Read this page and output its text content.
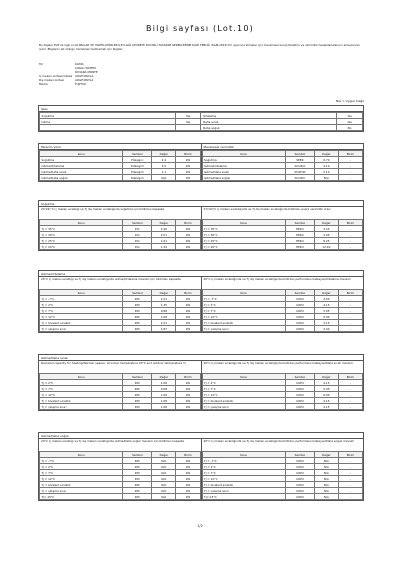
Bilgi sayfası (Lot.10)
Bu bilgiler EVP ile ilgili en KLİMALAR VE VANTİLATÖRLER İLE İLGİLİ ÇEVREYE DUYARLI TASARIM GEREKLERİNE DAİR TEBLİĞ (SGM-2012/13) uyarınca klimalar için mevsimsel enerji tüketimi ve verimlilik hesaplamalarının amaçlarının içerir. Bilgilerin ait olduğu model/seri belirlemek için bilgiler:
Tür	KLİMA
ÇOKLU SİSTEM
DUVARA MONTE
İç mekan ünitesi/ünitesi AOGH18LTLA
Dış mekan ünitesi	AOGH18LTLA
Marka	FUJITSU
N/A = Uygun Değil
İşlev
Soğutma	Yes	Ortalama	Yes
Isıtma	Yes	Daha sıcak	Yes
		Daha soğuk	No
Tasarım yükü
Konu	Sembol	Değer	Birim
Soğutma	Pdesignc	2.4	kW
Isıtma/Ortalama	Pdesignh	2.5	kW
Isıtma/Daha sıcak	Pdesignh	1.1	kW
Isıtma/Daha soğuk	Pdesignh	N/A	kW
Mevsimsel verimlilik
Konu	Sembol	Değer	Birim
Soğutma	SEER	6.70	–
Isıtma/Ortalama	SCOP/A	4.10	–
Isıtma/Daha sıcak	SCOP/W	5.10	–
Isıtma/Daha soğuk	SCOP/C	N/A	–
Soğutma
27(19)°C iç mekan sıcaklığı ve Tj dış mekan sıcaklığında soğutma için bildirilen kapasite
Konu	Sembol	Değer	Birim
Tj = 35°C	Pdc	2.40	kW
Tj = 30°C	Pdc	2.51	kW
Tj = 25°C	Pdc	1.61	kW
Tj = 20°C	Pdc	1.34	kW
27(19)°C iç mekan sıcaklığında ve Tj dış mekan sıcaklığında bildirilen enerji verimlilik oranı
Konu	Sembol	Değer	Birim
Tj = 35°C	EERd	3.24	–
Tj = 30°C	EERd	4.95	–
Tj = 25°C	EERd	8.25	–
Tj = 20°C	EERd	12.40	–
Isıtma/Ortalama
20°C iç mekan sıcaklığı ve Tj dış mekan sıcaklığında ısıtma/Ortalama mevsim için bildirilen kapasite
Konu	Sembol	Değer	Birim
Tj = -7°C	Pdh	2.21	kW
Tj = 2°C	Pdh	1.35	kW
Tj = 7°C	Pdh	0.88	kW
Tj = 12°C	Pdh	1.08	kW
Tj = bivalent sıcaklık	Pdh	2.21	kW
Tj = çalışma sınırı	Pdh	1.87	kW
20°C iç mekan sıcaklığında ve Tj dış mekan sıcaklığında bildirilen performans katsayısı/Ortalama mevsim
Konu	Sembol	Değer	Birim
Tj = -7°C	COPd	2.50	–
Tj = 2°C	COPd	4.15	–
Tj = 7°C	COPd	5.05	–
Tj = 12°C	COPd	6.90	–
Tj = bivalent sıcaklık	COPd	2.15	–
Tj = çalışma sınırı	COPd	2.40	–
Isıtma/Daha sıcak
Declared capacity for heating/Warmer season, at indoor temperature 20°C and outdoor temperature Tj
Konu	Sembol	Değer	Birim
Tj = 2°C	Pdh	1.08	kW
Tj = 7°C	Pdh	0.08	kW
Tj = 12°C	Pdh	1.08	kW
Tj = bivalent sıcaklık	Pdh	1.08	kW
Tj = çalışma sınırı	Pdh	1.08	kW
20°C iç mekan sıcaklığında ve Tj dış mekan sıcaklığında bildirilen performans katsayısı/Daha sıcak mevsim
Konu	Sembol	Değer	Birim
Tj = 2°C	COPd	4.15	–
Tj = 7°C	COPd	5.05	–
Tj = 12°C	COPd	6.90	–
Tj = bivalent sıcaklık	COPd	4.15	–
Tj = çalışma sınırı	COPd	4.15	–
Isıtma/Daha soğuk
20°C iç mekan sıcaklığı ve Tj dış mekan sıcaklığında ısıtma/Daha soğuk mevsim için bildirilen kapasite
Konu	Sembol	Değer	Birim
Tj = -7°C	Pdh	N/A	kW
Tj = 2°C	Pdh	N/A	kW
Tj = 7°C	Pdh	N/A	kW
Tj = 12°C	Pdh	N/A	kW
Tj = bivalent sıcaklık	Pdh	N/A	kW
Tj = çalışma sınırı	Pdh	N/A	kW
Tj=-15°C	Pdh	N/A	kW
20°C iç mekan sıcaklığında ve Tj dış mekan sıcaklığında bildirilen performans katsayısı/Daha soğuk mevsim
Konu	Sembol	Değer	Birim
Tj = -7°C	COPd	N/A	–
Tj = 2°C	COPd	N/A	–
Tj = 7°C	COPd	N/A	–
Tj = 12°C	COPd	N/A	–
Tj = bivalent sıcaklık	COPd	N/A	–
Tj = çalışma sınırı	COPd	N/A	–
Tj=-15°C	COPd	N/A	–
1/2
